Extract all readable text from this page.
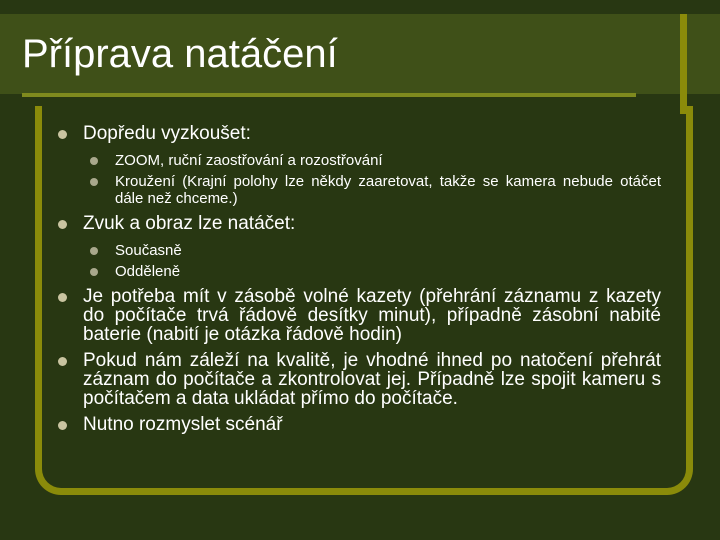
Příprava natáčení
Dopředu vyzkoušet:
ZOOM, ruční zaostřování a rozostřování
Kroužení (Krajní polohy lze někdy zaaretovat, takže se kamera nebude otáčet dále než chceme.)
Zvuk a obraz lze natáčet:
Současně
Odděleně
Je potřeba mít v zásobě volné kazety (přehrání záznamu z kazety do počítače trvá řádově desítky minut), případně zásobní nabité baterie (nabití je otázka řádově hodin)
Pokud nám záleží na kvalitě, je vhodné ihned po natočení přehrát záznam do počítače a zkontrolovat jej. Případně lze spojit kameru s počítačem a data ukládat přímo do počítače.
Nutno rozmyslet scénář
